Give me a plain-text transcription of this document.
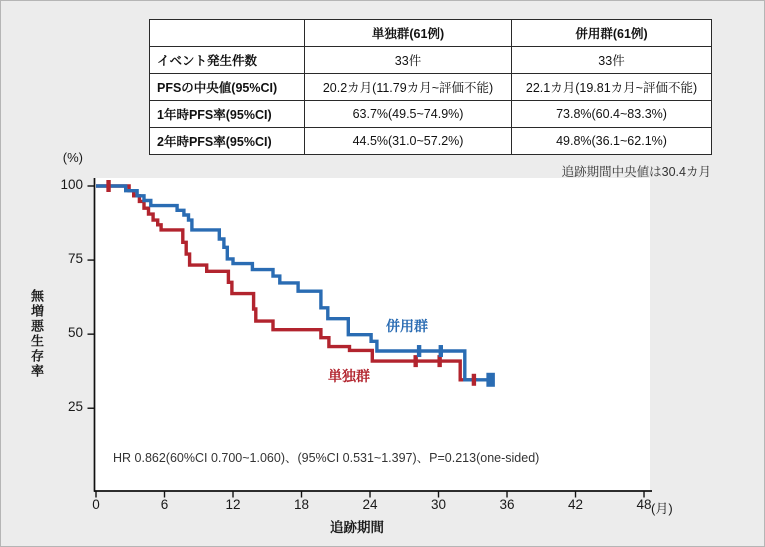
	単独群(61例)	併用群(61例)
イベント発生件数	33件	33件
PFSの中央値(95%CI)	20.2カ月(11.79カ月~評価不能)	22.1カ月(19.81カ月~評価不能)
1年時PFS率(95%CI)	63.7%(49.5~74.9%)	73.8%(60.4~83.3%)
2年時PFS率(95%CI)	44.5%(31.0~57.2%)	49.8%(36.1~62.1%)
追跡期間中央値は30.4カ月
(%)
100
75
50
25
無増悪生存率
0	6	12	18	24	30	36	42	48 (月)
追跡期間
HR 0.862(60%CI 0.700~1.060)、(95%CI 0.531~1.397)、P=0.213(one-sided)
併用群
単独群
